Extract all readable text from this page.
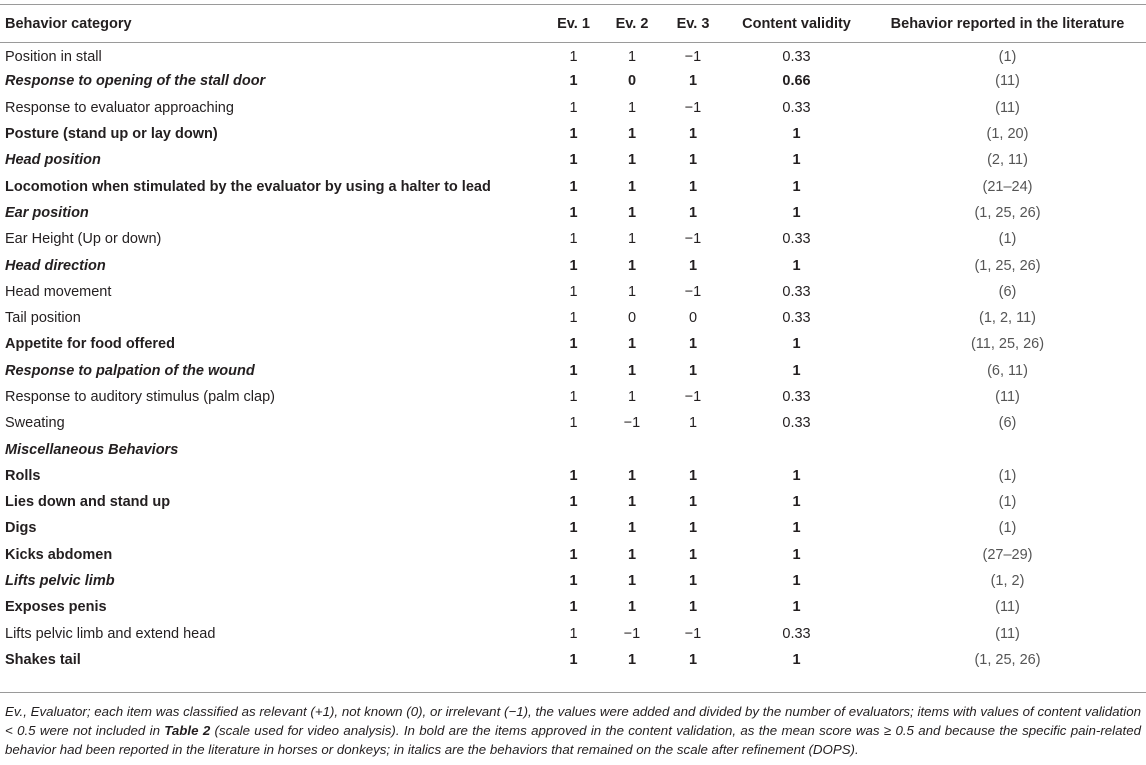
Behavior category	Ev. 1	Ev. 2	Ev. 3	Content validity	Behavior reported in the literature
Position in stall	1	1	−1	0.33	(1)
Response to opening of the stall door	1	0	1	0.66	(11)
Response to evaluator approaching	1	1	−1	0.33	(11)
Posture (stand up or lay down)	1	1	1	1	(1, 20)
Head position	1	1	1	1	(2, 11)
Locomotion when stimulated by the evaluator by using a halter to lead	1	1	1	1	(21–24)
Ear position	1	1	1	1	(1, 25, 26)
Ear Height (Up or down)	1	1	−1	0.33	(1)
Head direction	1	1	1	1	(1, 25, 26)
Head movement	1	1	−1	0.33	(6)
Tail position	1	0	0	0.33	(1, 2, 11)
Appetite for food offered	1	1	1	1	(11, 25, 26)
Response to palpation of the wound	1	1	1	1	(6, 11)
Response to auditory stimulus (palm clap)	1	1	−1	0.33	(11)
Sweating	1	−1	1	0.33	(6)
Miscellaneous Behaviors					
Rolls	1	1	1	1	(1)
Lies down and stand up	1	1	1	1	(1)
Digs	1	1	1	1	(1)
Kicks abdomen	1	1	1	1	(27–29)
Lifts pelvic limb	1	1	1	1	(1, 2)
Exposes penis	1	1	1	1	(11)
Lifts pelvic limb and extend head	1	−1	−1	0.33	(11)
Shakes tail	1	1	1	1	(1, 25, 26)
Ev., Evaluator; each item was classified as relevant (+1), not known (0), or irrelevant (−1), the values were added and divided by the number of evaluators; items with values of content validation < 0.5 were not included in Table 2 (scale used for video analysis). In bold are the items approved in the content validation, as the mean score was ≥ 0.5 and because the specific pain-related behavior had been reported in the literature in horses or donkeys; in italics are the behaviors that remained on the scale after refinement (DOPS).
